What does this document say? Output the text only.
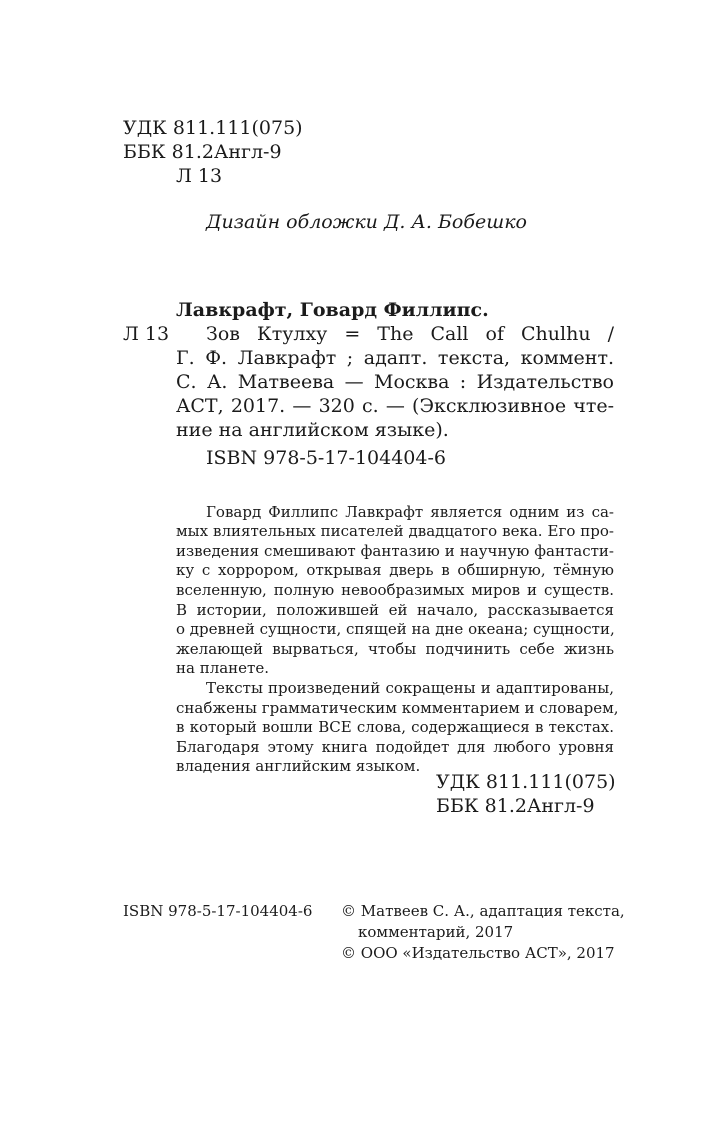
УДК 811.111(075)
ББК 81.2Англ-9
Л 13
Дизайн обложки Д. А. Бобешко
Лавкрафт, Говард Филлипс.
Л 13 Зов Ктулху = The Call of Chulhu /
Г. Ф. Лавкрафт ; адапт. текста, коммент.
С. А. Матвеева — Москва : Издательство
АСТ, 2017. — 320 с. — (Эксклюзивное чте-
ние на английском языке).
ISBN 978-5-17-104404-6
Говард Филлипс Лавкрафт является одним из са-
мых влиятельных писателей двадцатого века. Его про-
изведения смешивают фантазию и научную фантасти-
ку с хоррором, открывая дверь в обширную, тёмную
вселенную, полную невообразимых миров и существ.
В истории, положившей ей начало, рассказывается
о древней сущности, спящей на дне океана; сущности,
желающей вырваться, чтобы подчинить себе жизнь
на планете.
Тексты произведений сокращены и адаптированы,
снабжены грамматическим комментарием и словарем,
в который вошли ВСЕ слова, содержащиеся в текстах.
Благодаря этому книга подойдет для любого уровня
владения английским языком.
УДК 811.111(075)
ББК 81.2Англ-9
ISBN 978-5-17-104404-6 © Матвеев С. А., адаптация текста,
комментарий, 2017
© ООО «Издательство АСТ», 2017
